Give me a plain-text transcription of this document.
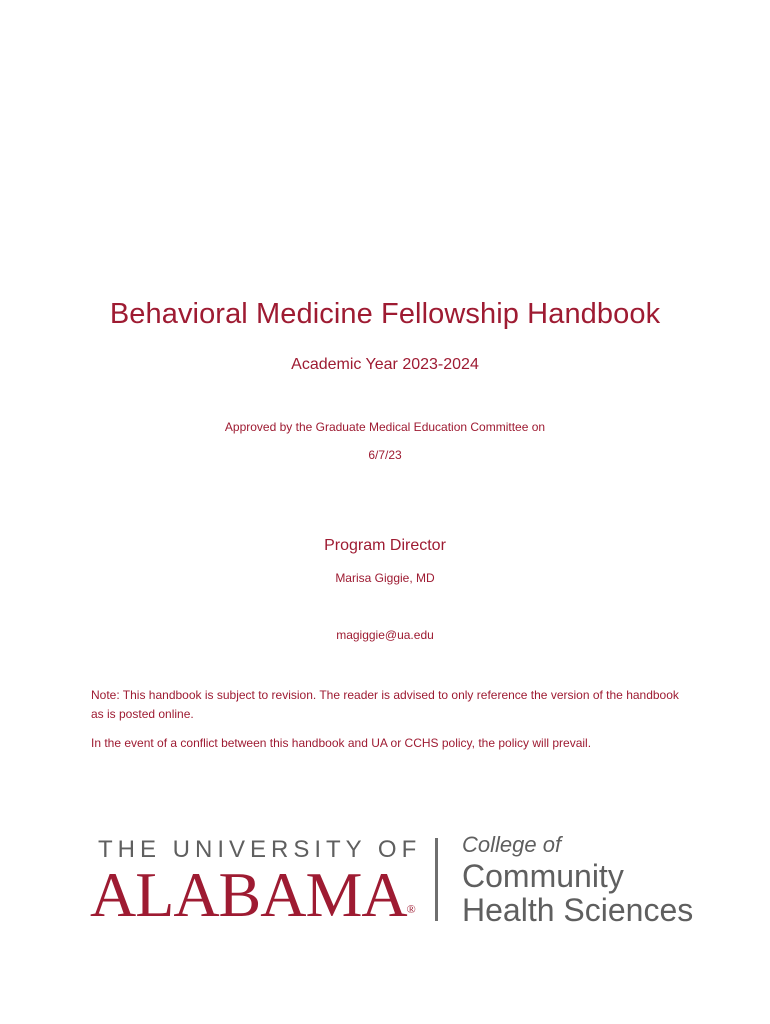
Behavioral Medicine Fellowship Handbook
Academic Year 2023-2024
Approved by the Graduate Medical Education Committee on
6/7/23
Program Director
Marisa Giggie, MD
magiggie@ua.edu
Note: This handbook is subject to revision. The reader is advised to only reference the version of the handbook as is posted online.
In the event of a conflict between this handbook and UA or CCHS policy, the policy will prevail.
THE UNIVERSITY OF
ALABAMA®
College of
Community
Health Sciences
